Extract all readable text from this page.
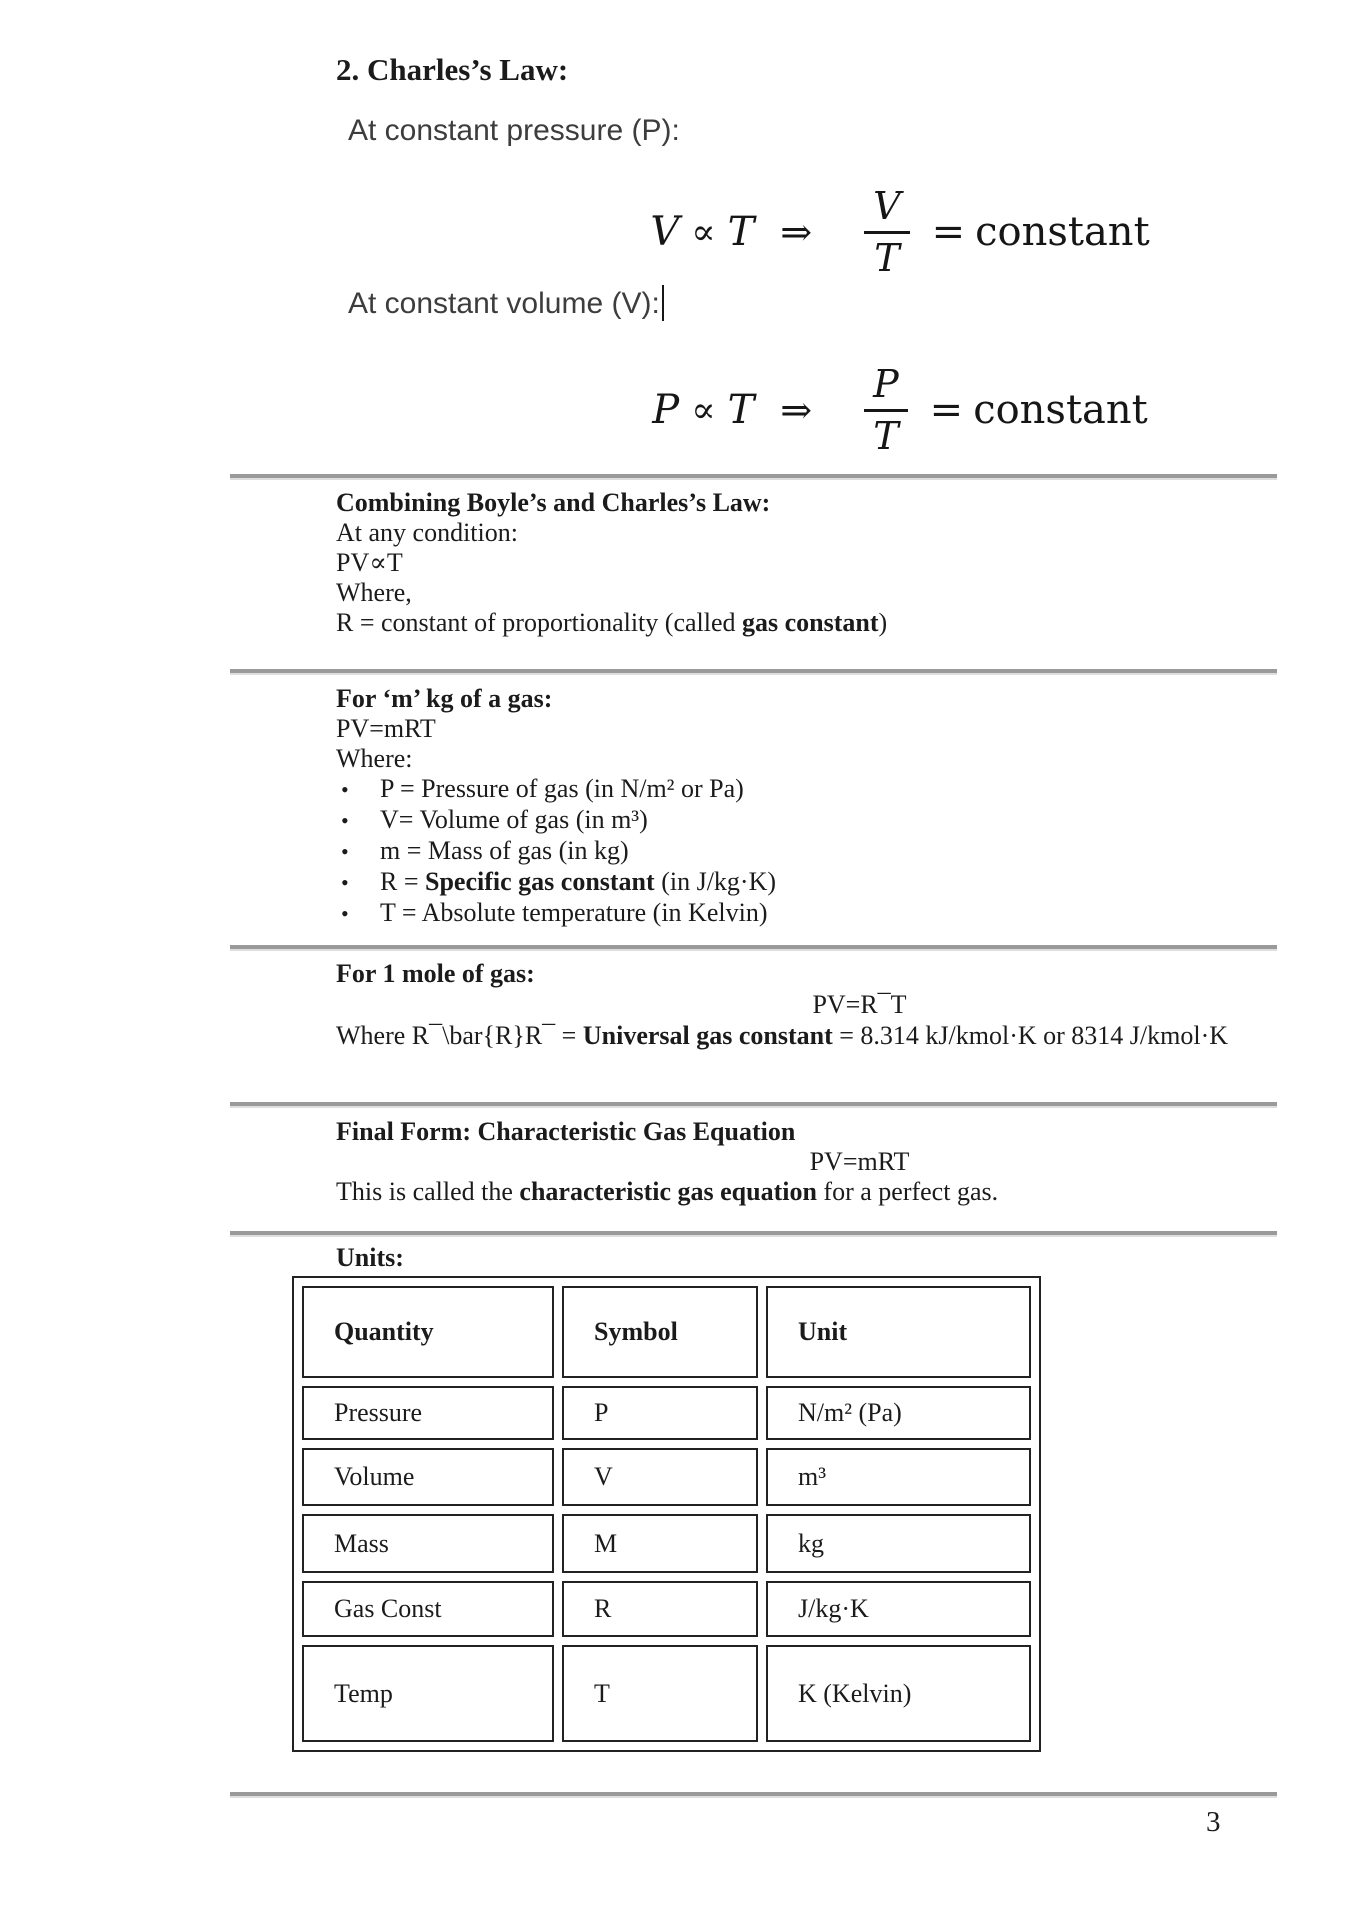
2. Charles’s Law:
At constant pressure (P):
V ∝ T ⇒ $\frac{V}{T}$ = constant
At constant volume (V):
P ∝ T ⇒ $\frac{P}{T}$ = constant

Combining Boyle’s and Charles’s Law:

At any condition:

PV∝T

Where,

R = constant of proportionality (called gas constant)

For ‘m’ kg of a gas:

PV=mRT

Where:

• P = Pressure of gas (in N/m² or Pa)

• V= Volume of gas (in m³)

• m = Mass of gas (in kg)

• R = Specific gas constant (in J/kg·K)

• T = Absolute temperature (in Kelvin)

For 1 mole of gas:

PV=R¯T

Where R¯\bar{R}R¯ = Universal gas constant = 8.314 kJ/kmol·K or 8314 J/kmol·K

Final Form: Characteristic Gas Equation

PV=mRT

This is called the characteristic gas equation for a perfect gas.

Units:
Quantity	Symbol	Unit
Pressure	P	N/m² (Pa)
Volume	V	m³
Mass	M	kg
Gas Const	R	J/kg·K
Temp	T	K (Kelvin)
3
